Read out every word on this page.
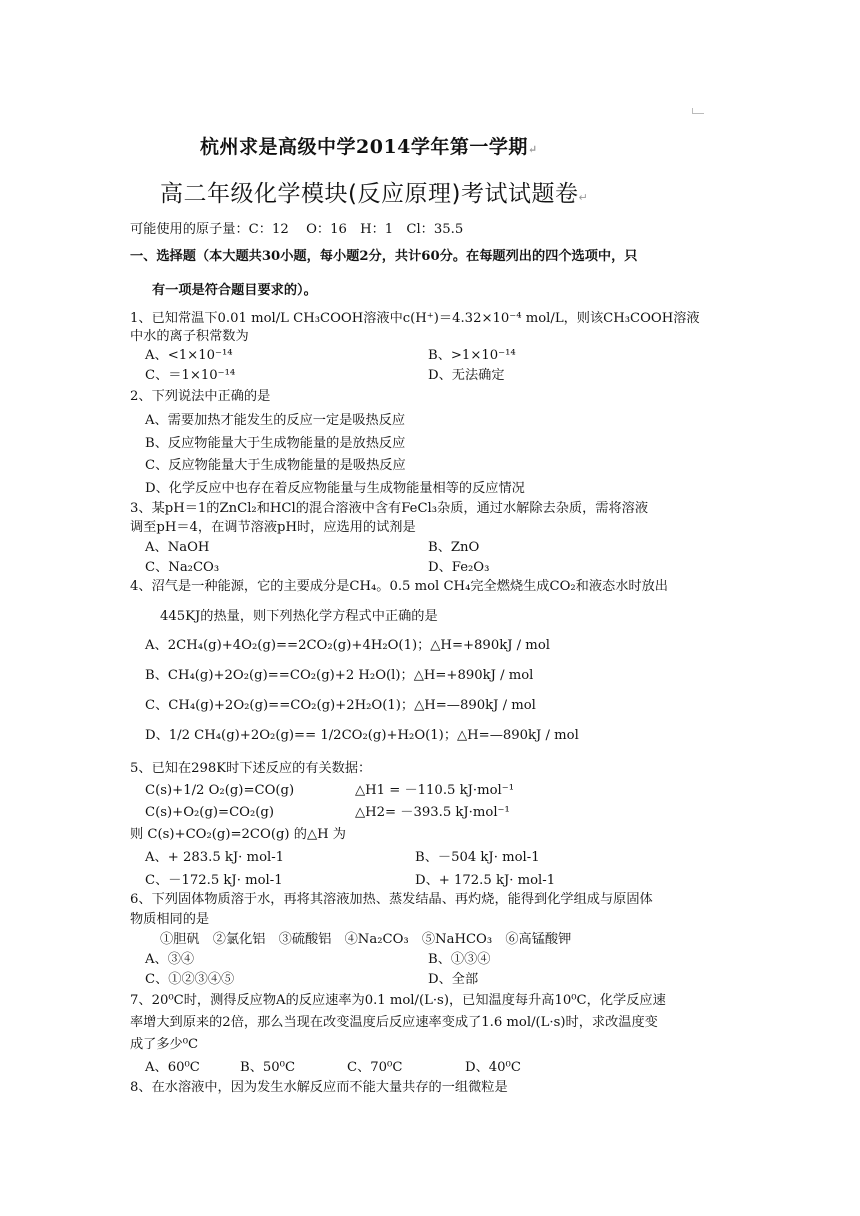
杭州求是高级中学2014学年第一学期↵
高二年级化学模块(反应原理)考试试题卷↵
可能使用的原子量：C：12　 O：16　H：1　Cl：35.5
一、选择题（本大题共30小题，每小题2分，共计60分。在每题列出的四个选项中，只
有一项是符合题目要求的）。
1、已知常温下0.01 mol/L CH₃COOH溶液中c(H⁺)＝4.32×10⁻⁴ mol/L，则该CH₃COOH溶液
中水的离子积常数为
A、<1×10⁻¹⁴	B、>1×10⁻¹⁴
C、＝1×10⁻¹⁴	D、无法确定
2、下列说法中正确的是
A、需要加热才能发生的反应一定是吸热反应
B、反应物能量大于生成物能量的是放热反应
C、反应物能量大于生成物能量的是吸热反应
D、化学反应中也存在着反应物能量与生成物能量相等的反应情况
3、某pH＝1的ZnCl₂和HCl的混合溶液中含有FeCl₃杂质，通过水解除去杂质，需将溶液
调至pH＝4，在调节溶液pH时，应选用的试剂是
A、NaOH	B、ZnO
C、Na₂CO₃	D、Fe₂O₃
4、沼气是一种能源，它的主要成分是CH₄。0.5 mol CH₄完全燃烧生成CO₂和液态水时放出
445KJ的热量，则下列热化学方程式中正确的是
A、2CH₄(g)+4O₂(g)==2CO₂(g)+4H₂O(1)；△H=+890kJ / mol
B、CH₄(g)+2O₂(g)==CO₂(g)+2 H₂O(l)；△H=+890kJ / mol
C、CH₄(g)+2O₂(g)==CO₂(g)+2H₂O(1)；△H=—890kJ / mol
D、1/2 CH₄(g)+2O₂(g)== 1/2CO₂(g)+H₂O(1)；△H=—890kJ / mol
5、已知在298K时下述反应的有关数据：
C(s)+1/2 O₂(g)=CO(g)	△H1 = －110.5 kJ·mol⁻¹
C(s)+O₂(g)=CO₂(g)	△H2= －393.5 kJ·mol⁻¹
则 C(s)+CO₂(g)=2CO(g) 的△H 为
A、+ 283.5 kJ· mol-1	B、－504 kJ· mol-1
C、－172.5 kJ· mol-1	D、+ 172.5 kJ· mol-1
6、下列固体物质溶于水，再将其溶液加热、蒸发结晶、再灼烧，能得到化学组成与原固体
物质相同的是
①胆矾　②氯化铝　③硫酸铝　④Na₂CO₃　⑤NaHCO₃　⑥高锰酸钾
A、③④	B、①③④
C、①②③④⑤	D、全部
7、20⁰C时，测得反应物A的反应速率为0.1 mol/(L·s)，已知温度每升高10⁰C，化学反应速
率增大到原来的2倍，那么当现在改变温度后反应速率变成了1.6 mol/(L·s)时，求改温度变
成了多少⁰C
A、60⁰C	B、50⁰C	C、70⁰C	D、40⁰C
8、在水溶液中，因为发生水解反应而不能大量共存的一组微粒是
